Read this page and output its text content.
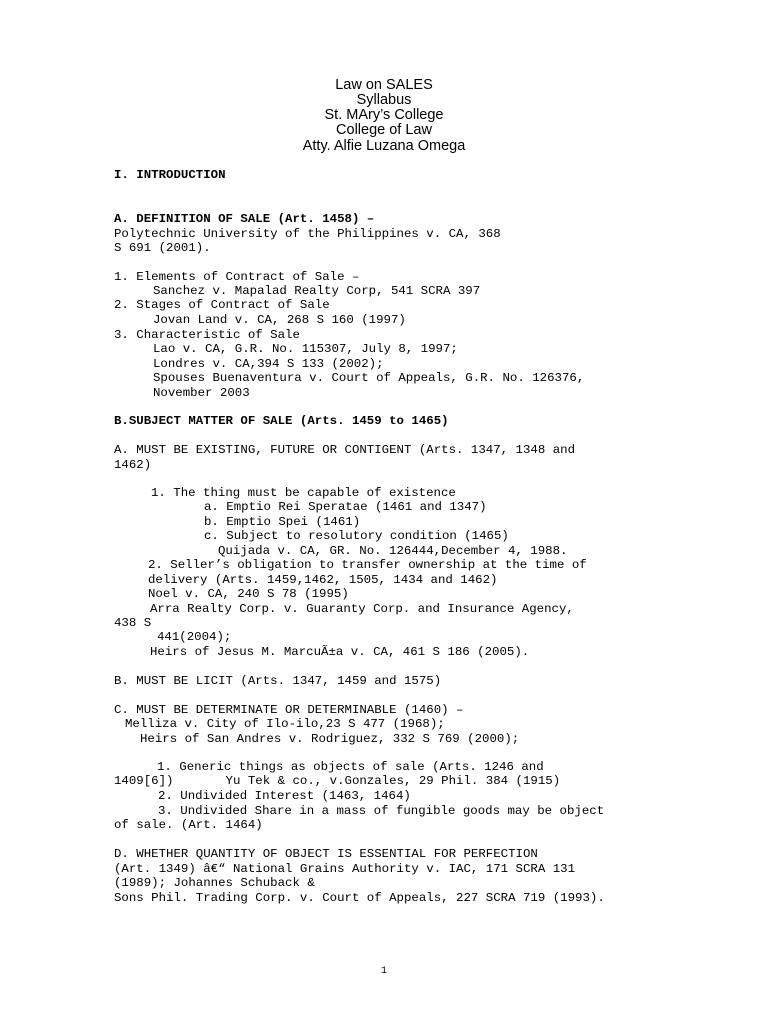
Law on SALES
Syllabus
St. MAry’s College
College of Law
Atty. Alfie Luzana Omega
I. INTRODUCTION
A. DEFINITION OF SALE (Art. 1458) –
Polytechnic University of the Philippines v. CA, 368
S 691 (2001).
1. Elements of Contract of Sale –
Sanchez v. Mapalad Realty Corp, 541 SCRA 397
2. Stages of Contract of Sale
Jovan Land v. CA, 268 S 160 (1997)
3. Characteristic of Sale
Lao v. CA, G.R. No. 115307, July 8, 1997;
Londres v. CA,394 S 133 (2002);
Spouses Buenaventura v. Court of Appeals, G.R. No. 126376,
November 2003
B.SUBJECT MATTER OF SALE (Arts. 1459 to 1465)
A. MUST BE EXISTING, FUTURE OR CONTIGENT (Arts. 1347, 1348 and
1462)
1. The thing must be capable of existence
a. Emptio Rei Speratae (1461 and 1347)
b. Emptio Spei (1461)
c. Subject to resolutory condition (1465)
Quijada v. CA, GR. No. 126444,December 4, 1988.
2. Seller’s obligation to transfer ownership at the time of
delivery (Arts. 1459,1462, 1505, 1434 and 1462)
Noel v. CA, 240 S 78 (1995)
Arra Realty Corp. v. Guaranty Corp. and Insurance Agency,
438 S
441(2004);
Heirs of Jesus M. MarcuÃ±a v. CA, 461 S 186 (2005).
B. MUST BE LICIT (Arts. 1347, 1459 and 1575)
C. MUST BE DETERMINATE OR DETERMINABLE (1460) –
Melliza v. City of Ilo-ilo,23 S 477 (1968);
Heirs of San Andres v. Rodriguez, 332 S 769 (2000);
1. Generic things as objects of sale (Arts. 1246 and
1409[6])       Yu Tek & co., v.Gonzales, 29 Phil. 384 (1915)
2. Undivided Interest (1463, 1464)
3. Undivided Share in a mass of fungible goods may be object
of sale. (Art. 1464)
D. WHETHER QUANTITY OF OBJECT IS ESSENTIAL FOR PERFECTION
(Art. 1349) â€“ National Grains Authority v. IAC, 171 SCRA 131
(1989); Johannes Schuback &
Sons Phil. Trading Corp. v. Court of Appeals, 227 SCRA 719 (1993).
1
